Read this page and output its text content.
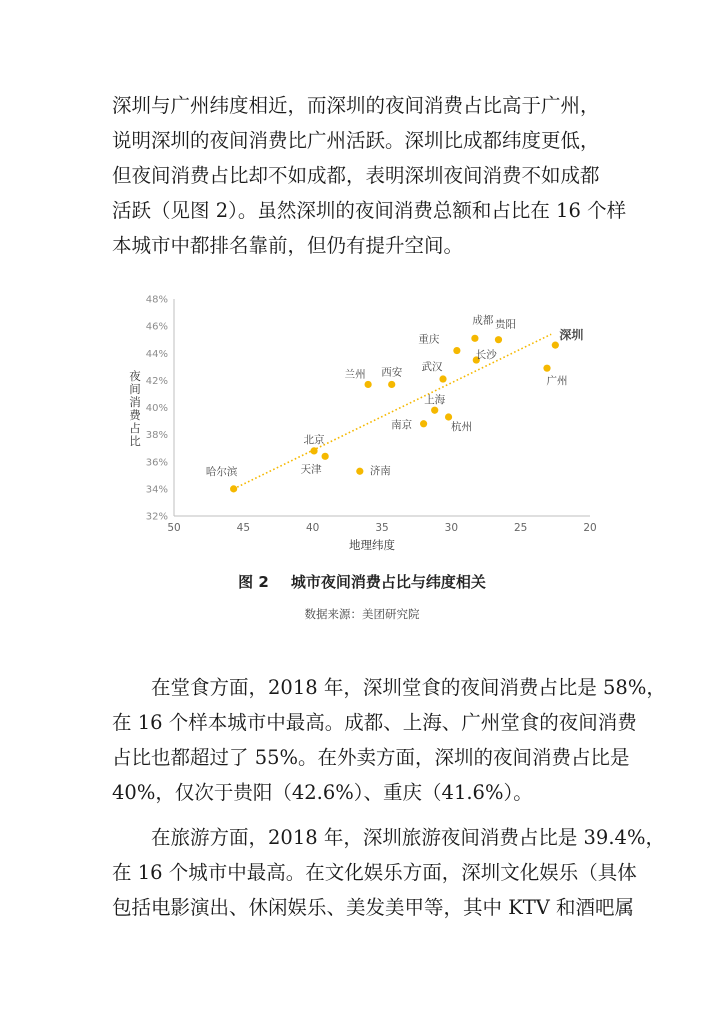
深圳与广州纬度相近，而深圳的夜间消费占比高于广州，
说明深圳的夜间消费比广州活跃。深圳比成都纬度更低，
但夜间消费占比却不如成都，表明深圳夜间消费不如成都
活跃（见图 2）。虽然深圳的夜间消费总额和占比在 16 个样
本城市中都排名靠前，但仍有提升空间。
32%
34%
36%
38%
40%
42%
44%
46%
48%
50	45	40	35	30	25	20
地理纬度
夜间消费占比
哈尔滨
北京
天津	济南
兰州 西安
南京
上海
杭州
武汉
重庆
成都
长沙
贵阳
广州
深圳
图 2 城市夜间消费占比与纬度相关
数据来源：美团研究院
在堂食方面，2018 年，深圳堂食的夜间消费占比是 58%，
在 16 个样本城市中最高。成都、上海、广州堂食的夜间消费
占比也都超过了 55%。在外卖方面，深圳的夜间消费占比是
40%，仅次于贵阳（42.6%）、重庆（41.6%）。
在旅游方面，2018 年，深圳旅游夜间消费占比是 39.4%，
在 16 个城市中最高。在文化娱乐方面，深圳文化娱乐（具体
包括电影演出、休闲娱乐、美发美甲等，其中 KTV 和酒吧属
